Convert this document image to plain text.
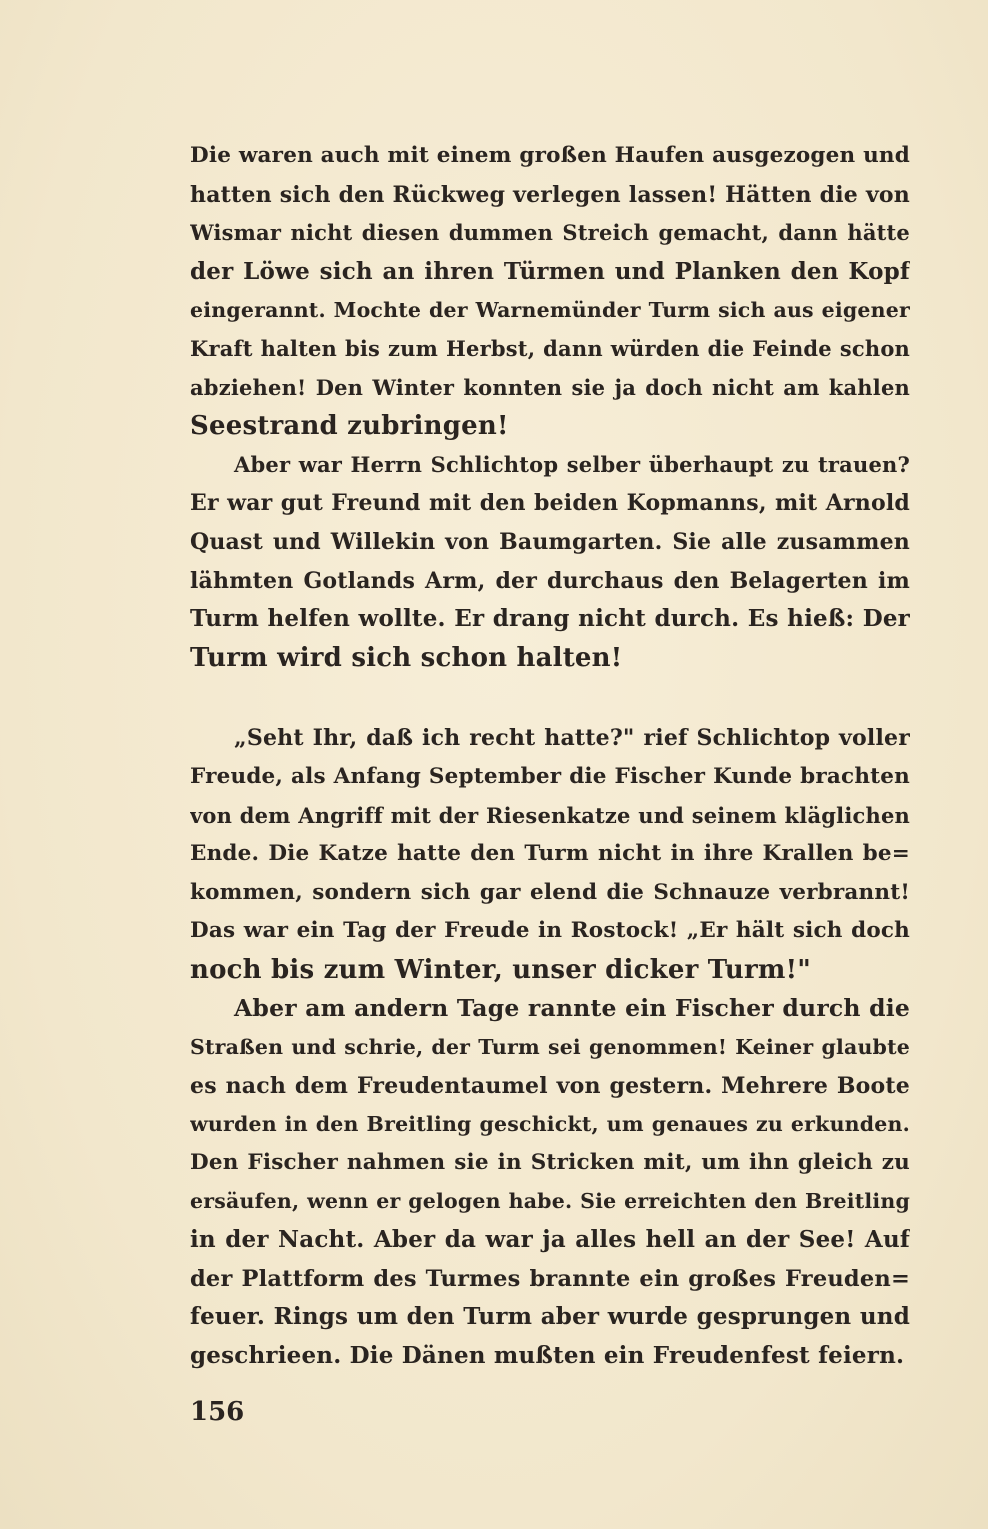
Die waren auch mit einem großen Haufen ausgezogen und
hatten sich den Rückweg verlegen lassen! Hätten die von
Wismar nicht diesen dummen Streich gemacht, dann hätte
der Löwe sich an ihren Türmen und Planken den Kopf
eingerannt. Mochte der Warnemünder Turm sich aus eigener
Kraft halten bis zum Herbst, dann würden die Feinde schon
abziehen! Den Winter konnten sie ja doch nicht am kahlen
Seestrand zubringen!
Aber war Herrn Schlichtop selber überhaupt zu trauen?
Er war gut Freund mit den beiden Kopmanns, mit Arnold
Quast und Willekin von Baumgarten. Sie alle zusammen
lähmten Gotlands Arm, der durchaus den Belagerten im
Turm helfen wollte. Er drang nicht durch. Es hieß: Der
Turm wird sich schon halten!
„Seht Ihr, daß ich recht hatte?" rief Schlichtop voller
Freude, als Anfang September die Fischer Kunde brachten
von dem Angriff mit der Riesenkatze und seinem kläglichen
Ende. Die Katze hatte den Turm nicht in ihre Krallen be=
kommen, sondern sich gar elend die Schnauze verbrannt!
Das war ein Tag der Freude in Rostock! „Er hält sich doch
noch bis zum Winter, unser dicker Turm!"
Aber am andern Tage rannte ein Fischer durch die
Straßen und schrie, der Turm sei genommen! Keiner glaubte
es nach dem Freudentaumel von gestern. Mehrere Boote
wurden in den Breitling geschickt, um genaues zu erkunden.
Den Fischer nahmen sie in Stricken mit, um ihn gleich zu
ersäufen, wenn er gelogen habe. Sie erreichten den Breitling
in der Nacht. Aber da war ja alles hell an der See! Auf
der Plattform des Turmes brannte ein großes Freuden=
feuer. Rings um den Turm aber wurde gesprungen und
geschrieen. Die Dänen mußten ein Freudenfest feiern.
156
